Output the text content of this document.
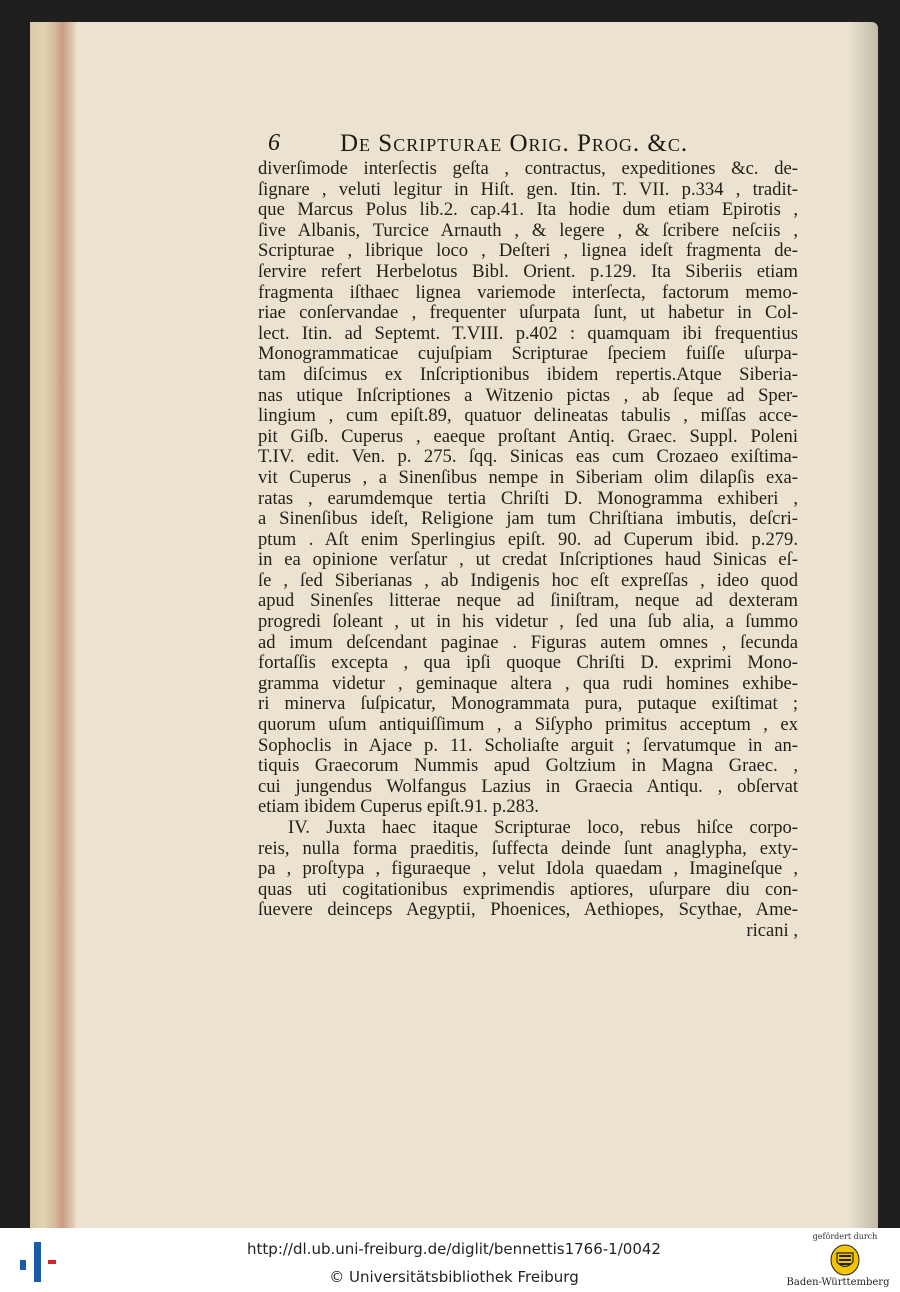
6 De Scripturae Orig. Prog. &c.
diverſimode interſectis geſta , contractus, expeditiones &c. de-
ſignare , veluti legitur in Hiſt. gen. Itin. T. VII. p.334 , tradit-
que Marcus Polus lib.2. cap.41. Ita hodie dum etiam Epirotis ,
ſive Albanis, Turcice Arnauth , & legere , & ſcribere neſciis ,
Scripturae , librique loco , Deſteri , lignea ideſt fragmenta de-
ſervire refert Herbelotus Bibl. Orient. p.129. Ita Siberiis etiam
fragmenta iſthaec lignea variemode interſecta, factorum memo-
riae conſervandae , frequenter uſurpata ſunt, ut habetur in Col-
lect. Itin. ad Septemt. T.VIII. p.402 : quamquam ibi frequentius
Monogrammaticae cujuſpiam Scripturae ſpeciem fuiſſe uſurpa-
tam diſcimus ex Inſcriptionibus ibidem repertis.Atque Siberia-
nas utique Inſcriptiones a Witzenio pictas , ab ſeque ad Sper-
lingium , cum epiſt.89, quatuor delineatas tabulis , miſſas acce-
pit Giſb. Cuperus , eaeque proſtant Antiq. Graec. Suppl. Poleni
T.IV. edit. Ven. p. 275. ſqq. Sinicas eas cum Crozaeo exiſtima-
vit Cuperus , a Sinenſibus nempe in Siberiam olim dilapſis exa-
ratas , earumdemque tertia Chriſti D. Monogramma exhiberi ,
a Sinenſibus ideſt, Religione jam tum Chriſtiana imbutis, deſcri-
ptum . Aſt enim Sperlingius epiſt. 90. ad Cuperum ibid. p.279.
in ea opinione verſatur , ut credat Inſcriptiones haud Sinicas eſ-
ſe , ſed Siberianas , ab Indigenis hoc eſt expreſſas , ideo quod
apud Sinenſes litterae neque ad ſiniſtram, neque ad dexteram
progredi ſoleant , ut in his videtur , ſed una ſub alia, a ſummo
ad imum deſcendant paginae . Figuras autem omnes , ſecunda
fortaſſis excepta , qua ipſi quoque Chriſti D. exprimi Mono-
gramma videtur , geminaque altera , qua rudi homines exhibe-
ri minerva ſuſpicatur, Monogrammata pura, putaque exiſtimat ;
quorum uſum antiquiſſimum , a Siſypho primitus acceptum , ex
Sophoclis in Ajace p. 11. Scholiaſte arguit ; ſervatumque in an-
tiquis Graecorum Nummis apud Goltzium in Magna Graec. ,
cui jungendus Wolfangus Lazius in Graecia Antiqu. , obſervat
etiam ibidem Cuperus epiſt.91. p.283.
IV. Juxta haec itaque Scripturae loco, rebus hiſce corpo-
reis, nulla forma praeditis, ſuffecta deinde ſunt anaglypha, exty-
pa , proſtypa , figuraeque , velut Idola quaedam , Imagineſque ,
quas uti cogitationibus exprimendis aptiores, uſurpare diu con-
ſuevere deinceps Aegyptii, Phoenices, Aethiopes, Scythae, Ame-
ricani ,
http://dl.ub.uni-freiburg.de/diglit/bennettis1766-1/0042
© Universitätsbibliothek Freiburg
gefördert durch
Baden-Württemberg
